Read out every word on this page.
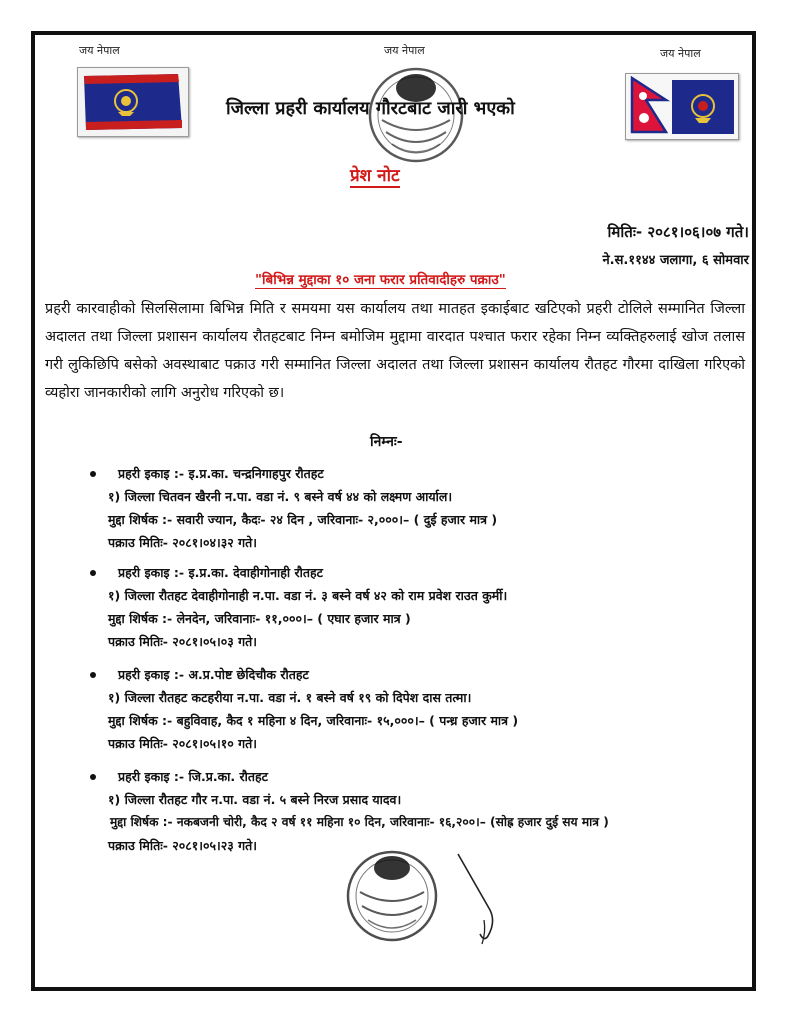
जय नेपाल	जय नेपाल	जय नेपाल
जिल्ला प्रहरी कार्यालय गौरटबाट जारी भएको
प्रेश नोट
मितिः- २०८१।०६।०७ गते।
ने.स.११४४ जलागा, ६ सोमवार
"बिभिन्न मुद्दाका १० जना फरार प्रतिवादीहरु पक्राउ"

प्रहरी कारवाहीको सिलसिलामा बिभिन्न मिति र समयमा यस कार्यालय तथा मातहत इकाईबाट खटिएको प्रहरी टोलिले सम्मानित जिल्ला अदालत तथा जिल्ला प्रशासन कार्यालय रौतहटबाट निम्न बमोजिम मुद्दामा वारदात पश्चात फरार रहेका निम्न व्यक्तिहरुलाई खोज तलास गरी लुकिछिपि बसेको अवस्थाबाट पक्राउ गरी सम्मानित जिल्ला अदालत तथा जिल्ला प्रशासन कार्यालय रौतहट गौरमा दाखिला गरिएको व्यहोरा जानकारीको लागि अनुरोध गरिएको छ।

निम्नः-
प्रहरी इकाइ :- इ.प्र.का. चन्द्रनिगाहपुर रौतहट
१) जिल्ला चितवन खैरनी न.पा. वडा नं. ९ बस्ने वर्ष ४४ को लक्ष्मण आर्याल।
मुद्दा शिर्षक :- सवारी ज्यान, कैदः- २४ दिन , जरिवानाः- २,०००।– ( दुई हजार मात्र )
पक्राउ मितिः- २०८१।०४।३२ गते।
प्रहरी इकाइ :- इ.प्र.का. देवाहीगोनाही रौतहट
१) जिल्ला रौतहट देवाहीगोनाही न.पा. वडा नं. ३ बस्ने वर्ष ४२ को राम प्रवेश राउत कुर्मी।
मुद्दा शिर्षक :- लेनदेन, जरिवानाः- ११,०००।– ( एघार हजार मात्र )
पक्राउ मितिः- २०८१।०५।०३ गते।
प्रहरी इकाइ :- अ.प्र.पोष्ट छेदिचौक रौतहट
१) जिल्ला रौतहट कटहरीया न.पा. वडा नं. १ बस्ने वर्ष १९ को दिपेश दास तत्मा।
मुद्दा शिर्षक :- बहुविवाह, कैद १ महिना ४ दिन, जरिवानाः- १५,०००।– ( पन्ध्र हजार मात्र )
पक्राउ मितिः- २०८१।०५।१० गते।
प्रहरी इकाइ :- जि.प्र.का. रौतहट
१) जिल्ला रौतहट गौर न.पा. वडा नं. ५ बस्ने निरज प्रसाद यादव।
मुद्दा शिर्षक :- नकबजनी चोरी, कैद २ वर्ष ११ महिना १० दिन, जरिवानाः- १६,२००।– (सोह्र हजार दुई सय मात्र )
पक्राउ मितिः- २०८१।०५।२३ गते।
